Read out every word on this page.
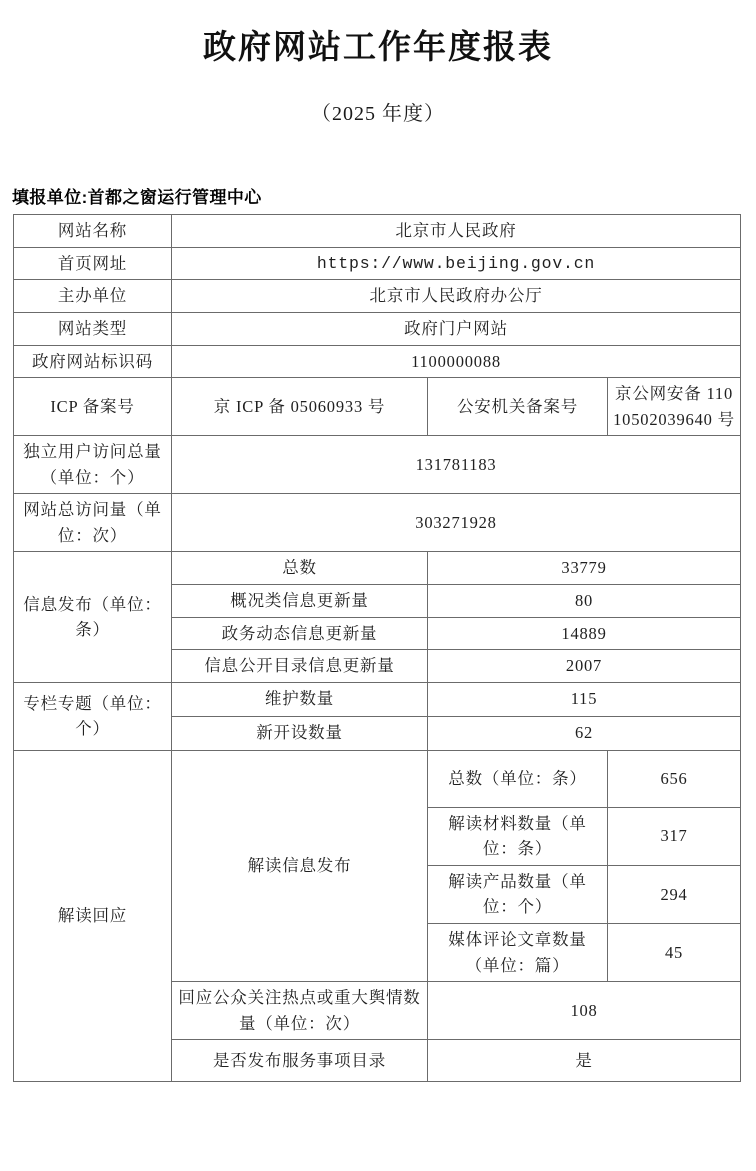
政府网站工作年度报表
（2025 年度）
填报单位:首都之窗运行管理中心
网站名称	北京市人民政府		
首页网址	https://www.beijing.gov.cn		
主办单位	北京市人民政府办公厅		
网站类型	政府门户网站		
政府网站标识码	1100000088		
ICP 备案号	京 ICP 备 05060933 号	公安机关备案号	京公网安备 11010502039640 号
独立用户访问总量（单位：个）	131781183		
网站总访问量（单位：次）	303271928		
信息发布（单位：条）	总数	33779	
	概况类信息更新量	80	
	政务动态信息更新量	14889	
	信息公开目录信息更新量	2007	
专栏专题（单位：个）	维护数量	115	
	新开设数量	62	
解读回应	解读信息发布	总数（单位：条）	656
		解读材料数量（单位：条）	317
		解读产品数量（单位：个）	294
		媒体评论文章数量（单位：篇）	45
	回应公众关注热点或重大舆情数量（单位：次）	108	
	是否发布服务事项目录	是	
